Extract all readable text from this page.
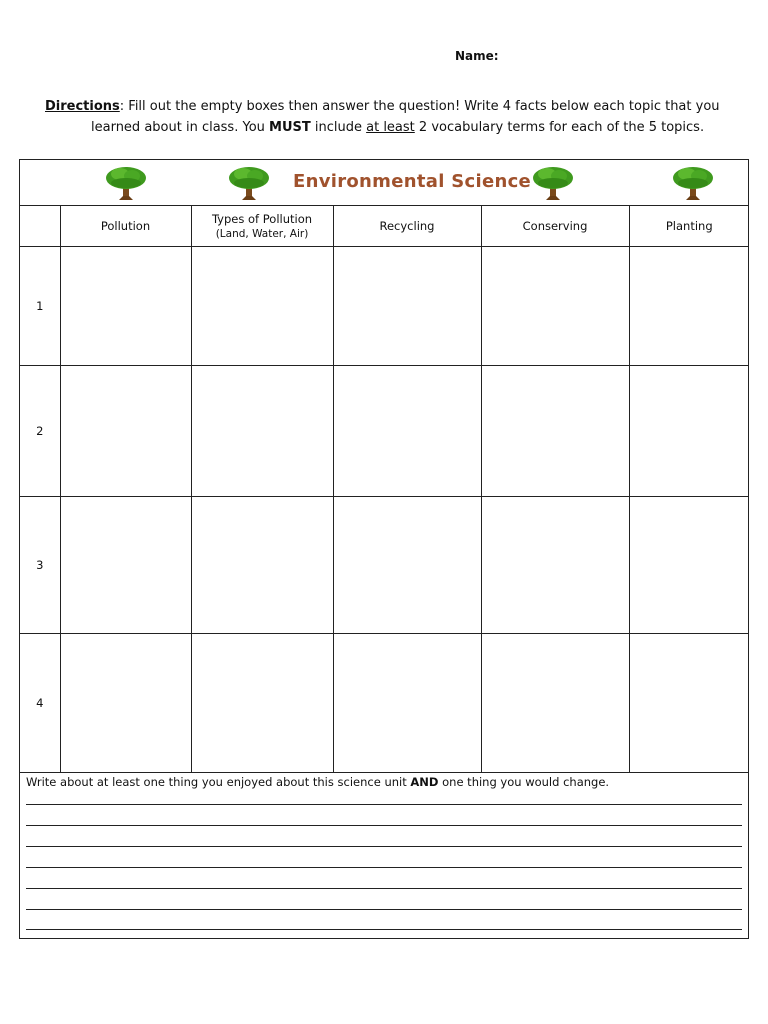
Name:
Directions: Fill out the empty boxes then answer the question! Write 4 facts below each topic that you
learned about in class. You MUST include at least 2 vocabulary terms for each of the 5 topics.
Environmental Science
	Pollution	Types of Pollution
(Land, Water, Air)	Recycling	Conserving	Planting
1					
2					
3					
4					
Write about at least one thing you enjoyed about this science unit AND one thing you would change.
